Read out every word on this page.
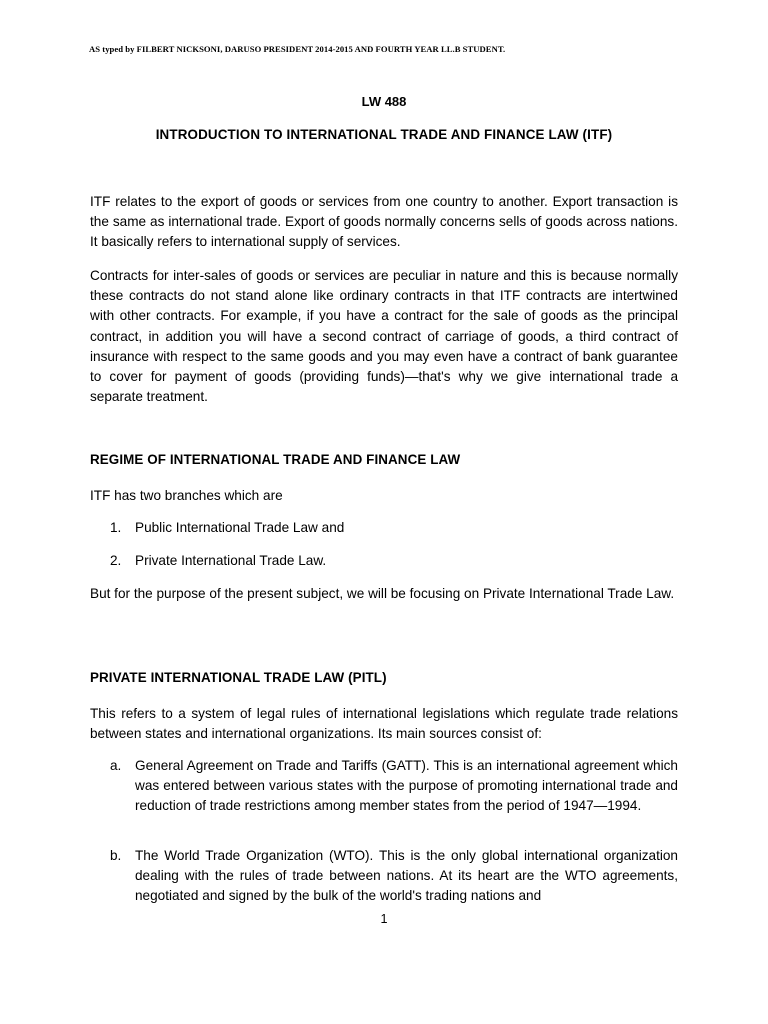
AS typed by FILBERT NICKSONI, DARUSO PRESIDENT 2014-2015 AND FOURTH YEAR LL.B STUDENT.
LW 488
INTRODUCTION TO INTERNATIONAL TRADE AND FINANCE LAW (ITF)

ITF relates to the export of goods or services from one country to another. Export transaction is the same as international trade. Export of goods normally concerns sells of goods across nations. It basically refers to international supply of services.

Contracts for inter-sales of goods or services are peculiar in nature and this is because normally these contracts do not stand alone like ordinary contracts in that ITF contracts are intertwined with other contracts. For example, if you have a contract for the sale of goods as the principal contract, in addition you will have a second contract of carriage of goods, a third contract of insurance with respect to the same goods and you may even have a contract of bank guarantee to cover for payment of goods (providing funds)—that's why we give international trade a separate treatment.

REGIME OF INTERNATIONAL TRADE AND FINANCE LAW

ITF has two branches which are

1.	Public International Trade Law and
2.	Private International Trade Law.

But for the purpose of the present subject, we will be focusing on Private International Trade Law.

PRIVATE INTERNATIONAL TRADE LAW (PITL)

This refers to a system of legal rules of international legislations which regulate trade relations between states and international organizations. Its main sources consist of:

a.	General Agreement on Trade and Tariffs (GATT). This is an international agreement which was entered between various states with the purpose of promoting international trade and reduction of trade restrictions among member states from the period of 1947—1994.
b.	The World Trade Organization (WTO). This is the only global international organization dealing with the rules of trade between nations. At its heart are the WTO agreements, negotiated and signed by the bulk of the world's trading nations and
1
